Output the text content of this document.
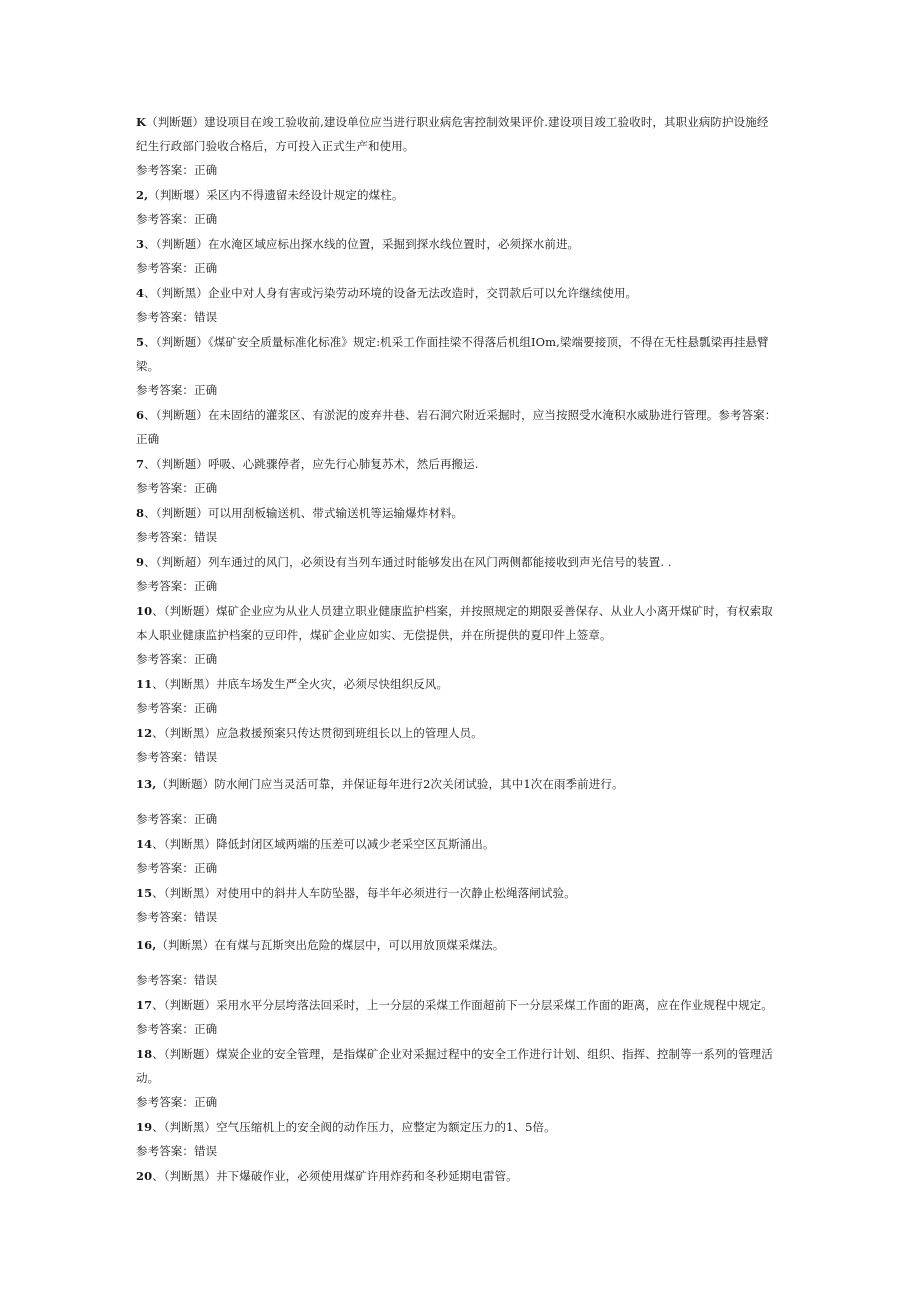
K（判断题）建设项目在竣工验收前,建设单位应当进行职业病危害控制效果评价.建设项目竣工验收时，其职业病防护设施经
纪生行政部门验收合格后，方可投入正式生产和使用。
参考答案：正确
2,（判断堰）采区内不得遗留未经设计规定的煤柱。
参考答案：正确
3、（判断题）在水淹区域应标出探水线的位置，采掘到探水线位置时，必须探水前进。
参考答案：正确
4、（判断黑）企业中对人身有害或污染劳动环境的设备无法改造时，交罚款后可以允许继续使用。
参考答案：错误
5、（判断题）《煤矿安全质量标准化标准》规定:机采工作面挂梁不得落后机组IOm,梁端要接顶，不得在无柱悬瓢梁再挂悬臂
梁。
参考答案：正确
6、（判断题）在未固结的灌浆区、有淤泥的废弃井巷、岩石洞穴附近采掘时，应当按照受水淹积水威胁进行管理。参考答案：
正确
7、（判断题）呼吸、心跳骤停者，应先行心肺复苏术，然后再搬运.
参考答案：正确
8、（判断题）可以用刮板输送机、带式输送机等运输爆炸材料。
参考答案：错误
9、（判断超）列车通过的风门，必须设有当列车通过时能够发出在风门两侧都能接收到声光信号的装置. .
参考答案：正确
10、（判断题）煤矿企业应为从业人员建立职业健康监护档案，并按照规定的期限妥善保存、从业人小离开煤矿时，有权索取
本人职业健康监护档案的豆印件，煤矿企业应如实、无偿提供，并在所提供的夏印件上签章。
参考答案：正确
11、（判断黑）井底车场发生严全火灾，必须尽快组织反风。
参考答案：正确
12、（判断黑）应急救援预案只传达贯彻到班组长以上的管理人员。
参考答案：错误
13,（判断题）防水闸门应当灵活可靠，并保证每年进行2次关闭试验，其中1次在雨季前进行。
参考答案：正确
14、（判断黑）降低封闭区域两端的压差可以减少老采空区瓦斯涌出。
参考答案：正确
15、（判断黑）对使用中的斜井人车防坠器，每半年必须进行一次静止松绳落闸试验。
参考答案：错误
16,（判断黑）在有煤与瓦斯突出危险的煤层中，可以用放顶煤采煤法。
参考答案：错误
17、（判断题）采用水平分层垮落法回采时，上一分层的采煤工作面超前下一分层采煤工作面的距离，应在作业规程中规定。
参考答案：正确
18、（判断题）煤炭企业的安全管理，是指煤矿企业对采掘过程中的安全工作进行计划、组织、指挥、控制等一系列的管理活
动。
参考答案：正确
19、（判断黑）空气压缩机上的安全阀的动作压力，应整定为额定压力的1、5倍。
参考答案：错误
20、（判断黑）井下爆破作业，必须使用煤矿许用炸药和冬秒延期电雷管。
